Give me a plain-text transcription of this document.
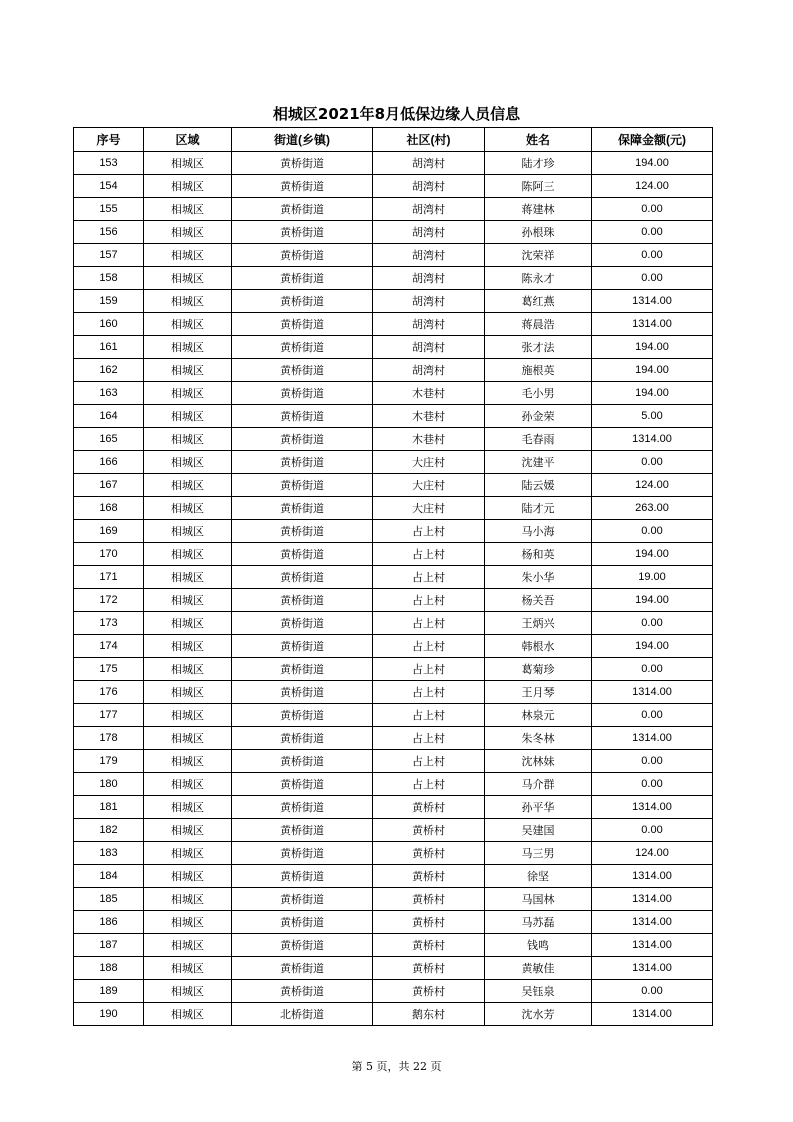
相城区2021年8月低保边缘人员信息
序号	区域	街道(乡镇)	社区(村)	姓名	保障金额(元)
153	相城区	黄桥街道	胡湾村	陆才珍	194.00
154	相城区	黄桥街道	胡湾村	陈阿三	124.00
155	相城区	黄桥街道	胡湾村	蒋建林	0.00
156	相城区	黄桥街道	胡湾村	孙根珠	0.00
157	相城区	黄桥街道	胡湾村	沈荣祥	0.00
158	相城区	黄桥街道	胡湾村	陈永才	0.00
159	相城区	黄桥街道	胡湾村	葛红燕	1314.00
160	相城区	黄桥街道	胡湾村	蒋晨浩	1314.00
161	相城区	黄桥街道	胡湾村	张才法	194.00
162	相城区	黄桥街道	胡湾村	施根英	194.00
163	相城区	黄桥街道	木巷村	毛小男	194.00
164	相城区	黄桥街道	木巷村	孙金荣	5.00
165	相城区	黄桥街道	木巷村	毛春雨	1314.00
166	相城区	黄桥街道	大庄村	沈建平	0.00
167	相城区	黄桥街道	大庄村	陆云媛	124.00
168	相城区	黄桥街道	大庄村	陆才元	263.00
169	相城区	黄桥街道	占上村	马小海	0.00
170	相城区	黄桥街道	占上村	杨和英	194.00
171	相城区	黄桥街道	占上村	朱小华	19.00
172	相城区	黄桥街道	占上村	杨关吾	194.00
173	相城区	黄桥街道	占上村	王炳兴	0.00
174	相城区	黄桥街道	占上村	韩根水	194.00
175	相城区	黄桥街道	占上村	葛菊珍	0.00
176	相城区	黄桥街道	占上村	王月琴	1314.00
177	相城区	黄桥街道	占上村	林泉元	0.00
178	相城区	黄桥街道	占上村	朱冬林	1314.00
179	相城区	黄桥街道	占上村	沈林妹	0.00
180	相城区	黄桥街道	占上村	马介群	0.00
181	相城区	黄桥街道	黄桥村	孙平华	1314.00
182	相城区	黄桥街道	黄桥村	吴建国	0.00
183	相城区	黄桥街道	黄桥村	马三男	124.00
184	相城区	黄桥街道	黄桥村	徐坚	1314.00
185	相城区	黄桥街道	黄桥村	马国林	1314.00
186	相城区	黄桥街道	黄桥村	马苏磊	1314.00
187	相城区	黄桥街道	黄桥村	钱鸣	1314.00
188	相城区	黄桥街道	黄桥村	黄敏佳	1314.00
189	相城区	黄桥街道	黄桥村	吴钰泉	0.00
190	相城区	北桥街道	鹅东村	沈水芳	1314.00
第 5 页，共 22 页
